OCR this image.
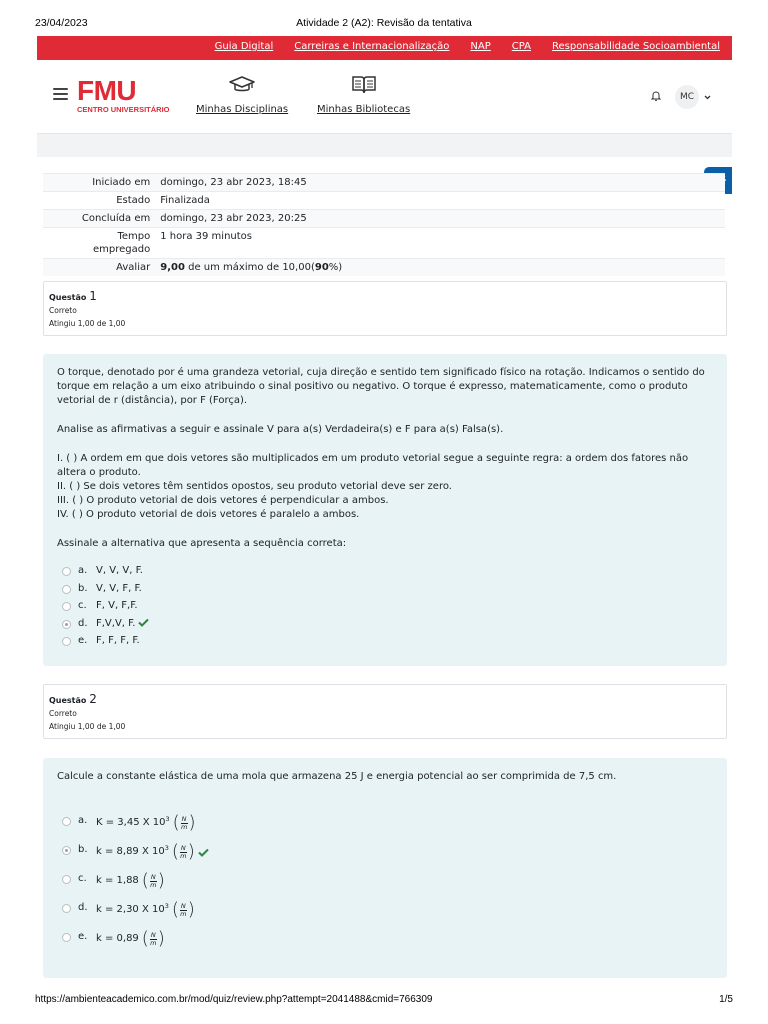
23/04/2023	Atividade 2 (A2): Revisão da tentativa
Guia Digital Carreiras e Internacionalização NAP CPA Responsabilidade Socioambiental
FMU
CENTRO UNIVERSITÁRIO	Minhas Disciplinas	Minhas Bibliotecas
MC
Iniciado em	domingo, 23 abr 2023, 18:45
Estado	Finalizada
Concluída em	domingo, 23 abr 2023, 20:25
Tempo empregado	1 hora 39 minutos
Avaliar	9,00 de um máximo de 10,00(90%)
Questão 1
Correto
Atingiu 1,00 de 1,00

O torque, denotado por é uma grandeza vetorial, cuja direção e sentido tem significado físico na rotação. Indicamos o sentido do torque em relação a um eixo atribuindo o sinal positivo ou negativo. O torque é expresso, matematicamente, como o produto vetorial de r (distância), por F (Força).

Analise as afirmativas a seguir e assinale V para a(s) Verdadeira(s) e F para a(s) Falsa(s).

I. ( ) A ordem em que dois vetores são multiplicados em um produto vetorial segue a seguinte regra: a ordem dos fatores não altera o produto.

II. ( ) Se dois vetores têm sentidos opostos, seu produto vetorial deve ser zero.

III. ( ) O produto vetorial de dois vetores é perpendicular a ambos.

IV. ( ) O produto vetorial de dois vetores é paralelo a ambos.

Assinale a alternativa que apresenta a sequência correta:

a. V, V, V, F.
b. V, V, F, F.
c. F, V, F,F.
d. F,V,V, F.
e. F, F, F, F.
Questão 2
Correto
Atingiu 1,00 de 1,00

Calcule a constante elástica de uma mola que armazena 25 J e energia potencial ao ser comprimida de 7,5 cm.

a. K = 3,45 X $10^3$ ( $\frac{N}{m}$ )
b. k = 8,89 X $10^3$ ( $\frac{N}{m}$ )
c. k = 1,88 ( $\frac{N}{m}$ )
d. k = 2,30 X $10^3$ ( $\frac{N}{m}$ )
e. k = 0,89 ( $\frac{N}{m}$ )
https://ambienteacademico.com.br/mod/quiz/review.php?attempt=2041488&cmid=766309	1/5
